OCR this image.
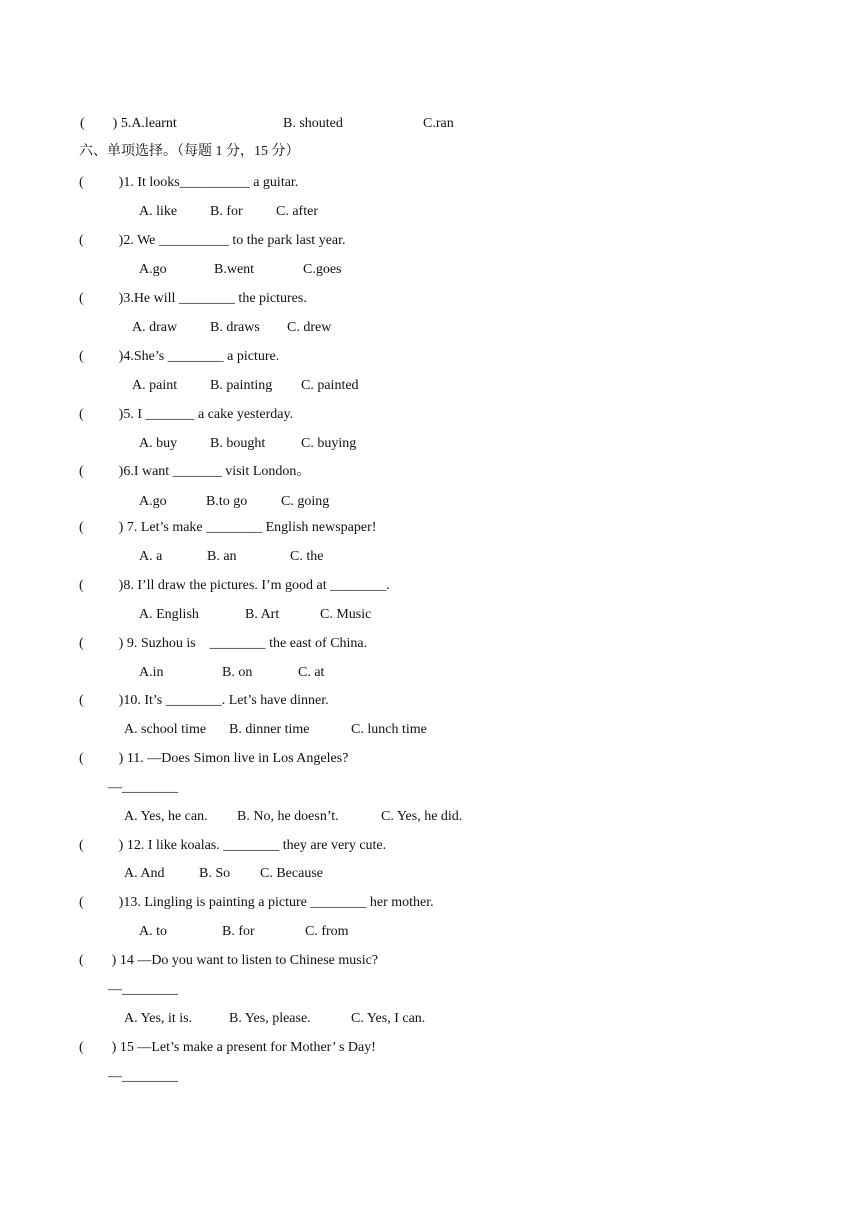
(　　) 5.A.learnt	B. shouted	C.ran
六、单项选择。（每题 1 分，15 分）
(          )1. It looks__________ a guitar.
A. like B. for C. after
(          )2. We __________ to the park last year.
A.go	B.went	C.goes
(          )3.He will ________ the pictures.
A. draw B. draws C. drew
(          )4.She’s ________ a picture.
A. paint B. painting C. painted
(          )5. I _______ a cake yesterday.
A. buy B. bought	C. buying
(          )6.I want _______ visit London。
A.go	B.to go C. going
(          ) 7. Let’s make ________ English newspaper!
A. a	B. an	C. the
(          )8. I’ll draw the pictures. I’m good at ________.
A. English	B. Art	C. Music
(          ) 9. Suzhou is    ________ the east of China.
A.in	B. on	C. at
(          )10. It’s ________. Let’s have dinner.
A. school time B. dinner time	C. lunch time
(          ) 11. —Does Simon live in Los Angeles?
—________
A. Yes, he can. B. No, he doesn’t.	C. Yes, he did.
(          ) 12. I like koalas. ________ they are very cute.
A. And B. So C. Because
(          )13. Lingling is painting a picture ________ her mother.
A. to	B. for	C. from
(        ) 14 —Do you want to listen to Chinese music?
—________
A. Yes, it is.	B. Yes, please.	C. Yes, I can.
(        ) 15 —Let’s make a present for Mother’ s Day!
—________
